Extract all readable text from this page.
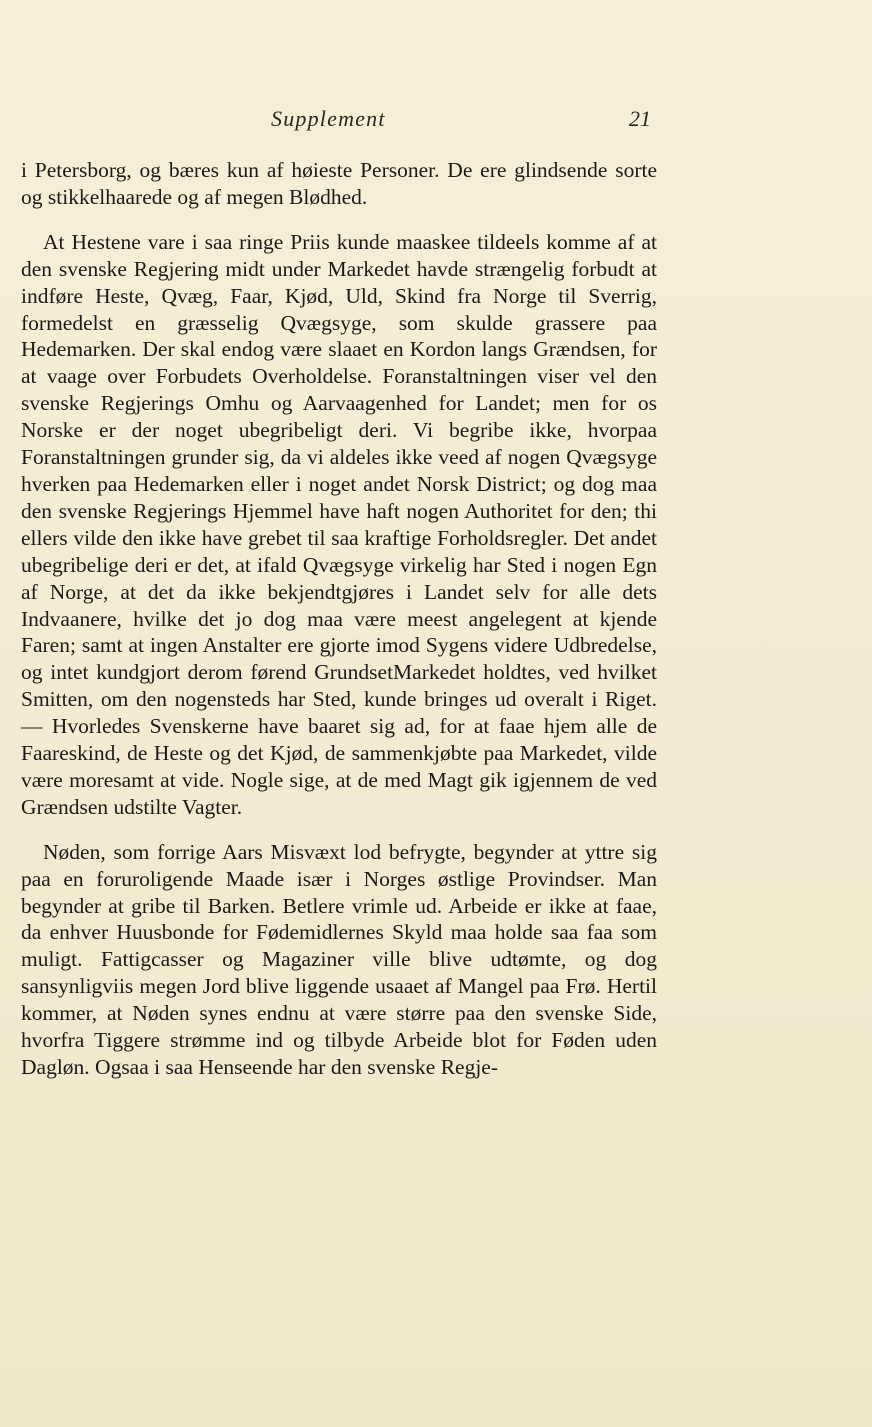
Supplement	21

i Petersborg, og bæres kun af høieste Personer. De ere glindsende sorte og stikkelhaarede og af megen Blødhed.

At Hestene vare i saa ringe Priis kunde maaskee tildeels komme af at den svenske Regjering midt under Markedet havde strængelig forbudt at indføre Heste, Qvæg, Faar, Kjød, Uld, Skind fra Norge til Sverrig, formedelst en græsselig Qvægsyge, som skulde grassere paa Hedemarken. Der skal endog være slaaet en Kordon langs Grændsen, for at vaage over Forbudets Overholdelse. Foranstaltningen viser vel den svenske Regjerings Omhu og Aarvaagenhed for Landet; men for os Norske er der noget ubegribeligt deri. Vi begribe ikke, hvorpaa Foranstaltningen grunder sig, da vi aldeles ikke veed af nogen Qvægsyge hverken paa Hedemarken eller i noget andet Norsk District; og dog maa den svenske Regjerings Hjemmel have haft nogen Authoritet for den; thi ellers vilde den ikke have grebet til saa kraftige Forholdsregler. Det andet ubegribelige deri er det, at ifald Qvægsyge virkelig har Sted i nogen Egn af Norge, at det da ikke bekjendtgjøres i Landet selv for alle dets Indvaanere, hvilke det jo dog maa være meest angelegent at kjende Faren; samt at ingen Anstalter ere gjorte imod Sygens videre Udbredelse, og intet kundgjort derom førend GrundsetMarkedet holdtes, ved hvilket Smitten, om den nogensteds har Sted, kunde bringes ud overalt i Riget. — Hvorledes Svenskerne have baaret sig ad, for at faae hjem alle de Faareskind, de Heste og det Kjød, de sammenkjøbte paa Markedet, vilde være moresamt at vide. Nogle sige, at de med Magt gik igjennem de ved Grændsen udstilte Vagter.

Nøden, som forrige Aars Misvæxt lod befrygte, begynder at yttre sig paa en foruroligende Maade især i Norges østlige Provindser. Man begynder at gribe til Barken. Betlere vrimle ud. Arbeide er ikke at faae, da enhver Huusbonde for Fødemidlernes Skyld maa holde saa faa som muligt. Fattigcasser og Magaziner ville blive udtømte, og dog sansynligviis megen Jord blive liggende usaaet af Mangel paa Frø. Hertil kommer, at Nøden synes endnu at være større paa den svenske Side, hvorfra Tiggere strømme ind og tilbyde Arbeide blot for Føden uden Dagløn. Ogsaa i saa Henseende har den svenske Regje-
